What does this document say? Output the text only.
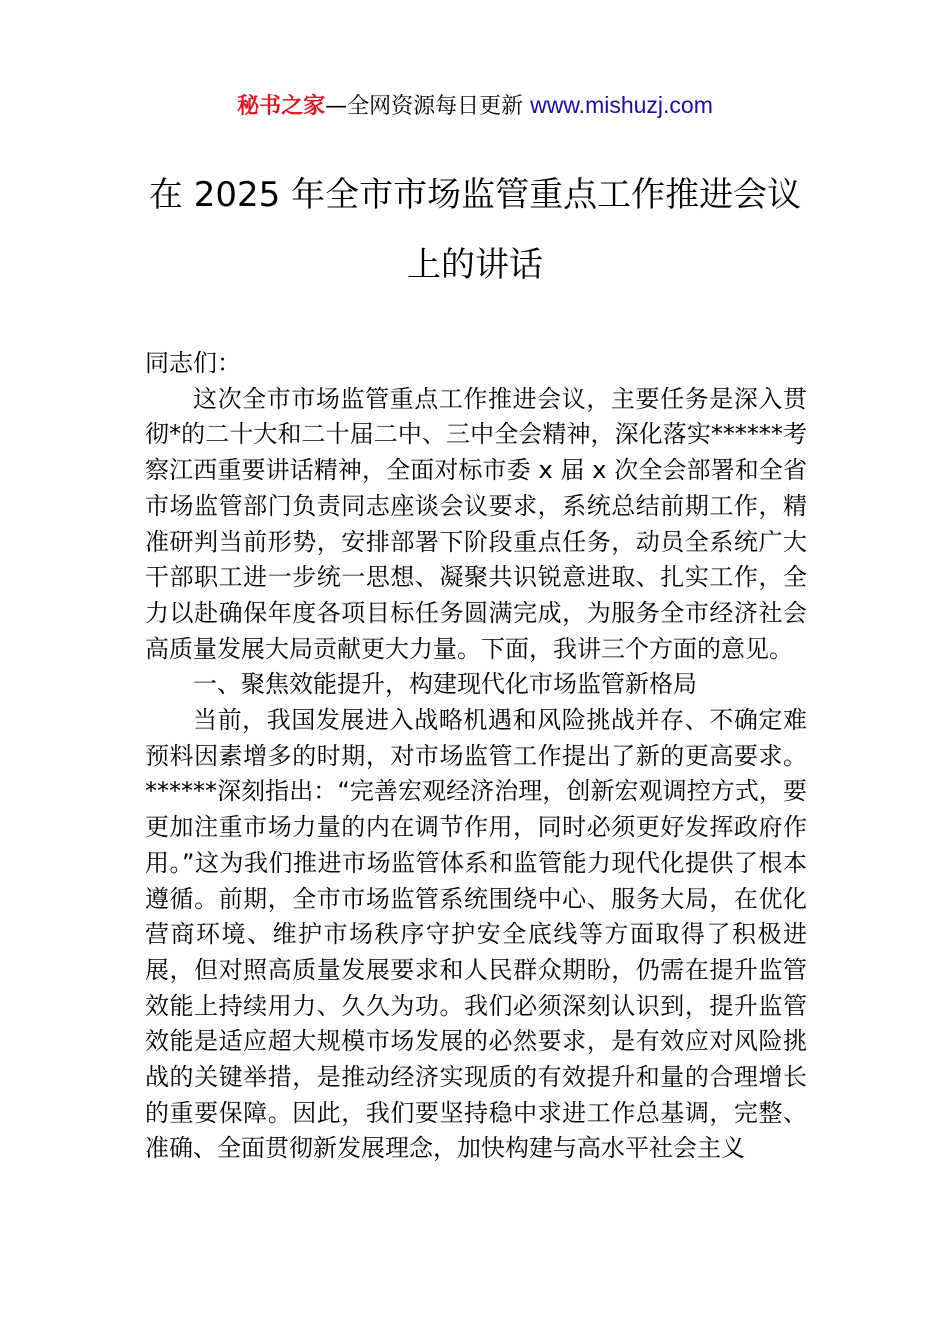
秘书之家—全网资源每日更新 www.mishuzj.com
在 2025 年全市市场监管重点工作推进会议上的讲话

同志们：

这次全市市场监管重点工作推进会议，主要任务是深入贯彻*的二十大和二十届二中、三中全会精神，深化落实******考察江西重要讲话精神，全面对标市委 x 届 x 次全会部署和全省市场监管部门负责同志座谈会议要求，系统总结前期工作，精准研判当前形势，安排部署下阶段重点任务，动员全系统广大干部职工进一步统一思想、凝聚共识锐意进取、扎实工作，全力以赴确保年度各项目标任务圆满完成，为服务全市经济社会高质量发展大局贡献更大力量。下面，我讲三个方面的意见。

一、聚焦效能提升，构建现代化市场监管新格局

当前，我国发展进入战略机遇和风险挑战并存、不确定难预料因素增多的时期，对市场监管工作提出了新的更高要求。******深刻指出：“完善宏观经济治理，创新宏观调控方式，要更加注重市场力量的内在调节作用，同时必须更好发挥政府作用。”这为我们推进市场监管体系和监管能力现代化提供了根本遵循。前期，全市市场监管系统围绕中心、服务大局，在优化营商环境、维护市场秩序守护安全底线等方面取得了积极进展，但对照高质量发展要求和人民群众期盼，仍需在提升监管效能上持续用力、久久为功。我们必须深刻认识到，提升监管效能是适应超大规模市场发展的必然要求，是有效应对风险挑战的关键举措，是推动经济实现质的有效提升和量的合理增长的重要保障。因此，我们要坚持稳中求进工作总基调，完整、准确、全面贯彻新发展理念，加快构建与高水平社会主义
